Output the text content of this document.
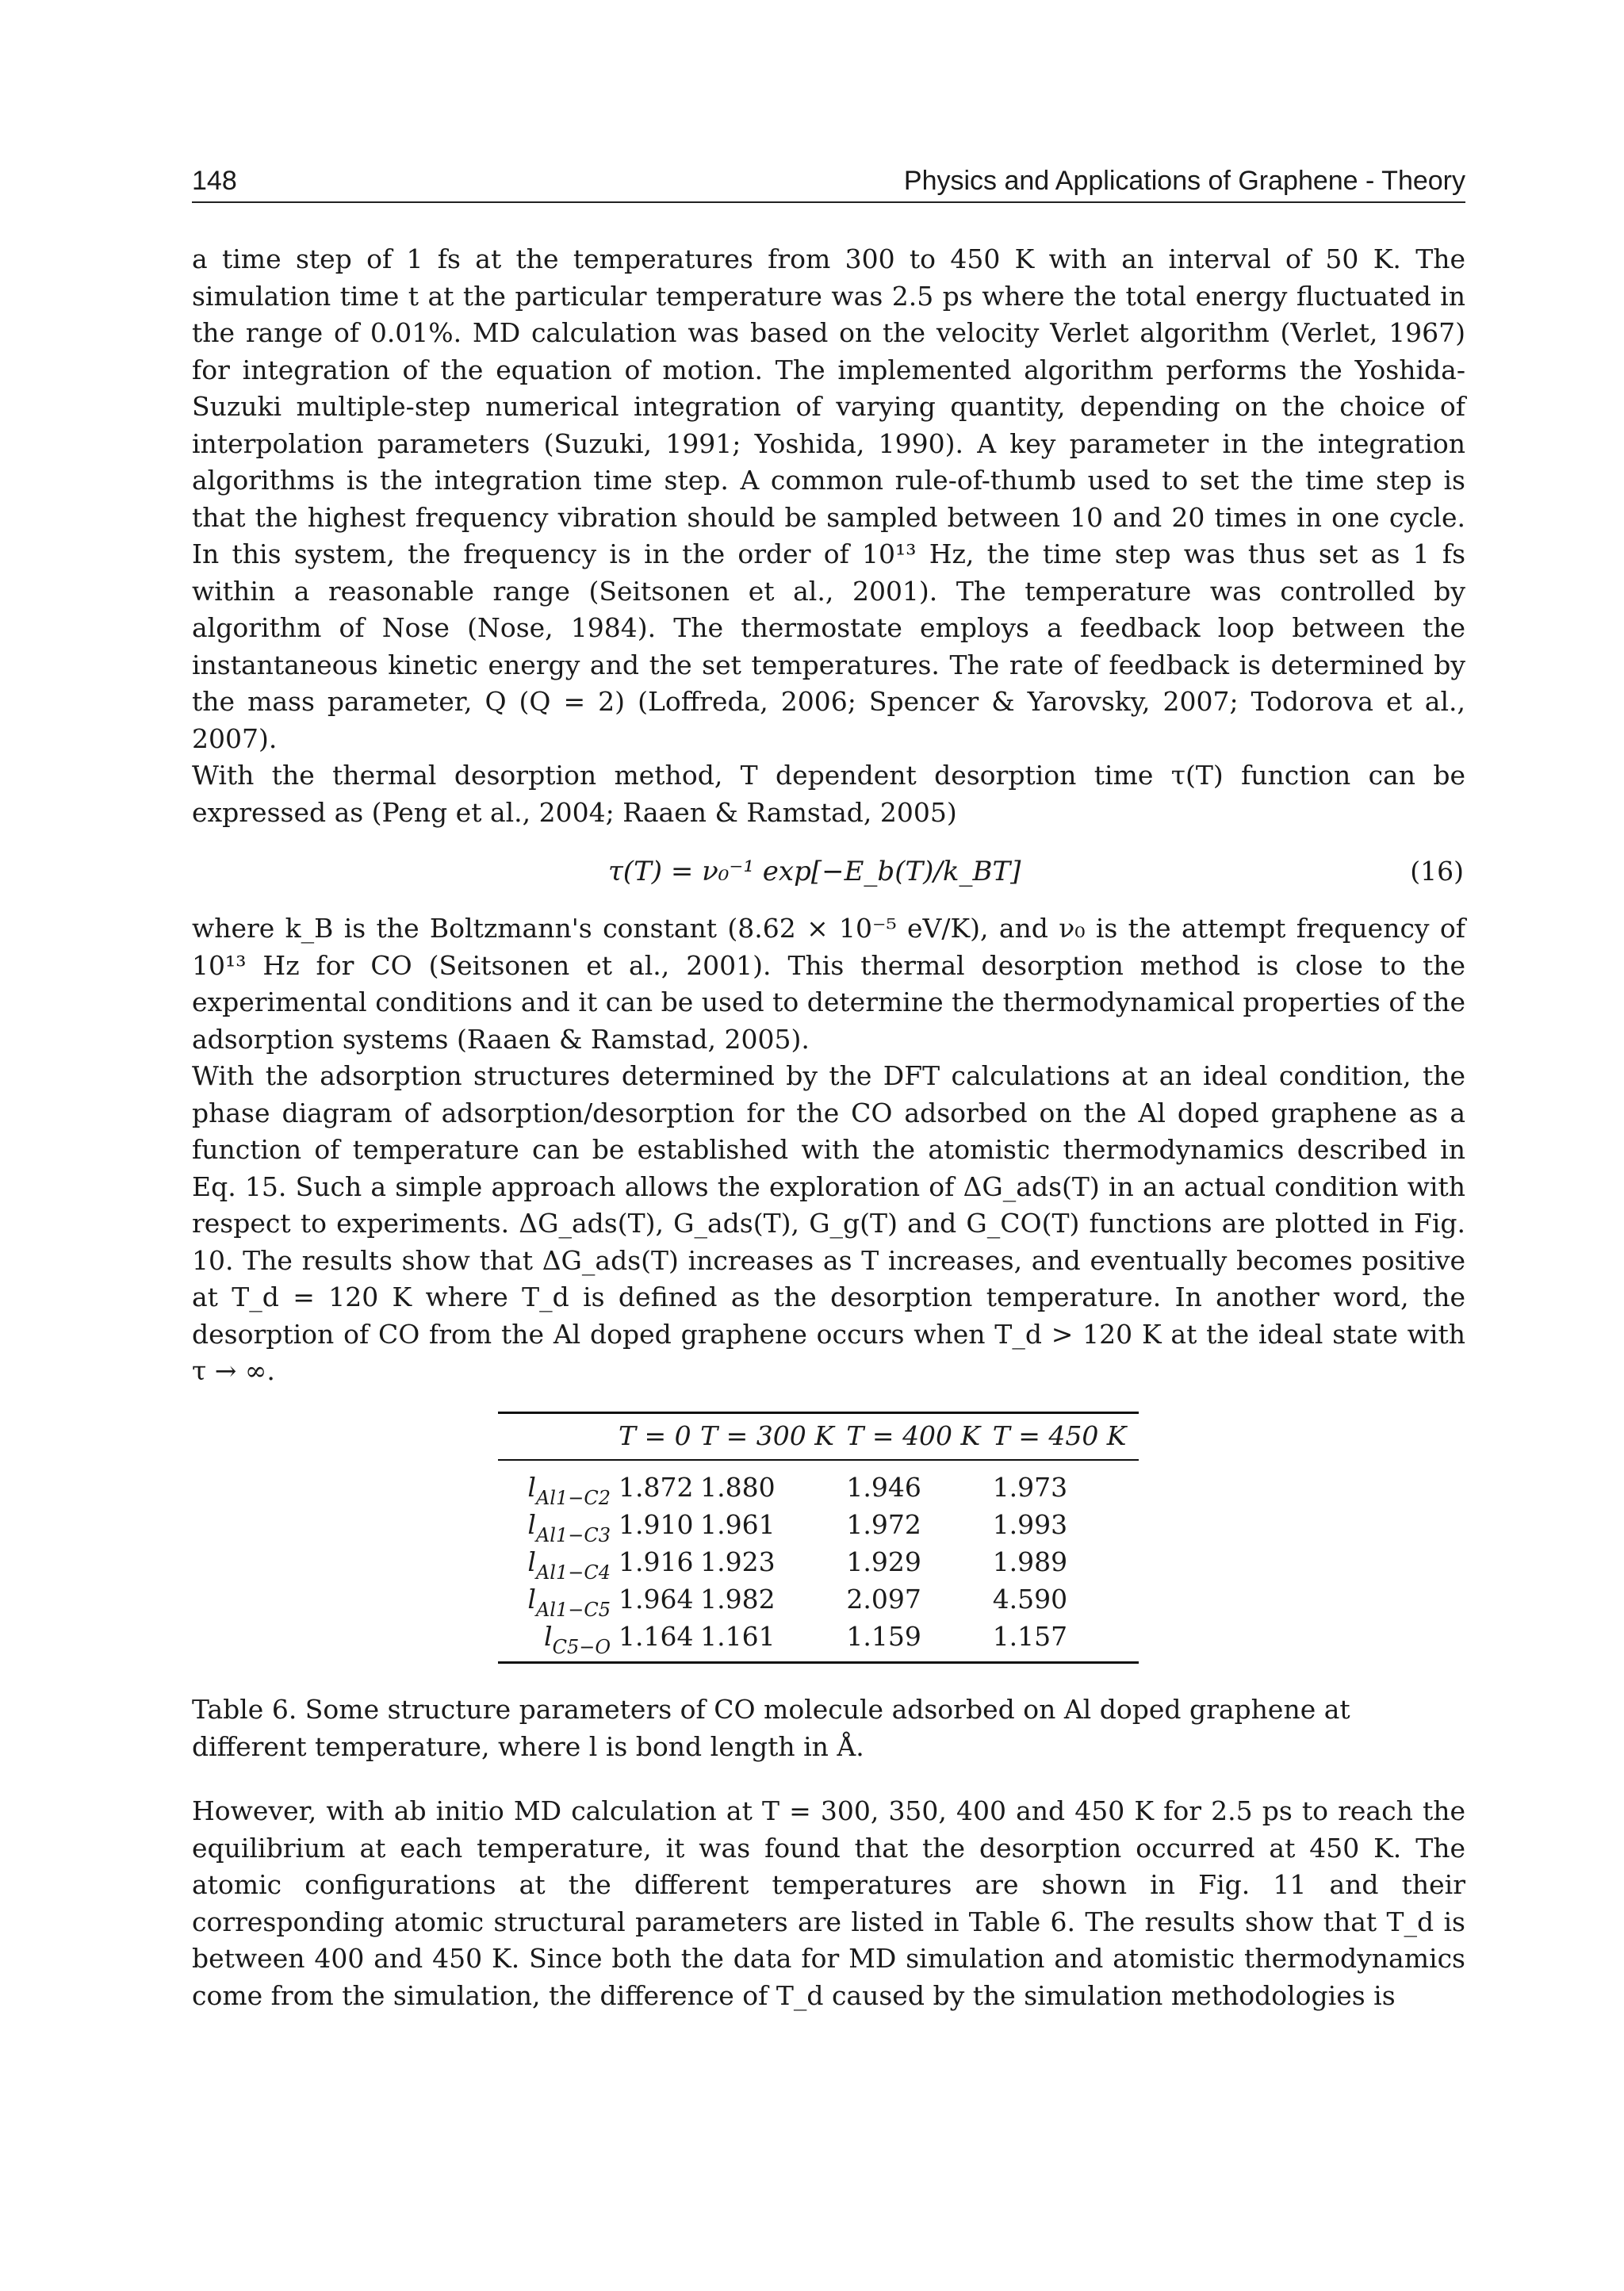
148	Physics and Applications of Graphene - Theory

a time step of 1 fs at the temperatures from 300 to 450 K with an interval of 50 K. The simulation time t at the particular temperature was 2.5 ps where the total energy fluctuated in the range of 0.01%. MD calculation was based on the velocity Verlet algorithm (Verlet, 1967) for integration of the equation of motion. The implemented algorithm performs the Yoshida-Suzuki multiple-step numerical integration of varying quantity, depending on the choice of interpolation parameters (Suzuki, 1991; Yoshida, 1990). A key parameter in the integration algorithms is the integration time step. A common rule-of-thumb used to set the time step is that the highest frequency vibration should be sampled between 10 and 20 times in one cycle. In this system, the frequency is in the order of 10¹³ Hz, the time step was thus set as 1 fs within a reasonable range (Seitsonen et al., 2001). The temperature was controlled by algorithm of Nose (Nose, 1984). The thermostate employs a feedback loop between the instantaneous kinetic energy and the set temperatures. The rate of feedback is determined by the mass parameter, Q (Q = 2) (Loffreda, 2006; Spencer & Yarovsky, 2007; Todorova et al., 2007).

With the thermal desorption method, T dependent desorption time τ(T) function can be expressed as (Peng et al., 2004; Raaen & Ramstad, 2005)

τ(T) = ν₀⁻¹ exp[−E_b(T)/k_BT]	(16)

where k_B is the Boltzmann's constant (8.62 × 10⁻⁵ eV/K), and ν₀ is the attempt frequency of 10¹³ Hz for CO (Seitsonen et al., 2001). This thermal desorption method is close to the experimental conditions and it can be used to determine the thermodynamical properties of the adsorption systems (Raaen & Ramstad, 2005).

With the adsorption structures determined by the DFT calculations at an ideal condition, the phase diagram of adsorption/desorption for the CO adsorbed on the Al doped graphene as a function of temperature can be established with the atomistic thermodynamics described in Eq. 15. Such a simple approach allows the exploration of ΔG_ads(T) in an actual condition with respect to experiments. ΔG_ads(T), G_ads(T), G_g(T) and G_CO(T) functions are plotted in Fig. 10. The results show that ΔG_ads(T) increases as T increases, and eventually becomes positive at T_d = 120 K where T_d is defined as the desorption temperature. In another word, the desorption of CO from the Al doped graphene occurs when T_d > 120 K at the ideal state with τ → ∞.

	T = 0	T = 300 K	T = 400 K	T = 450 K
$l_{Al1-C2}$	1.872	1.880	1.946	1.973
$l_{Al1-C3}$	1.910	1.961	1.972	1.993
$l_{Al1-C4}$	1.916	1.923	1.929	1.989
$l_{Al1-C5}$	1.964	1.982	2.097	4.590
$l_{C5-O}$	1.164	1.161	1.159	1.157

Table 6. Some structure parameters of CO molecule adsorbed on Al doped graphene at different temperature, where l is bond length in Å.

However, with ab initio MD calculation at T = 300, 350, 400 and 450 K for 2.5 ps to reach the equilibrium at each temperature, it was found that the desorption occurred at 450 K. The atomic configurations at the different temperatures are shown in Fig. 11 and their corresponding atomic structural parameters are listed in Table 6. The results show that T_d is between 400 and 450 K. Since both the data for MD simulation and atomistic thermodynamics come from the simulation, the difference of T_d caused by the simulation methodologies is
